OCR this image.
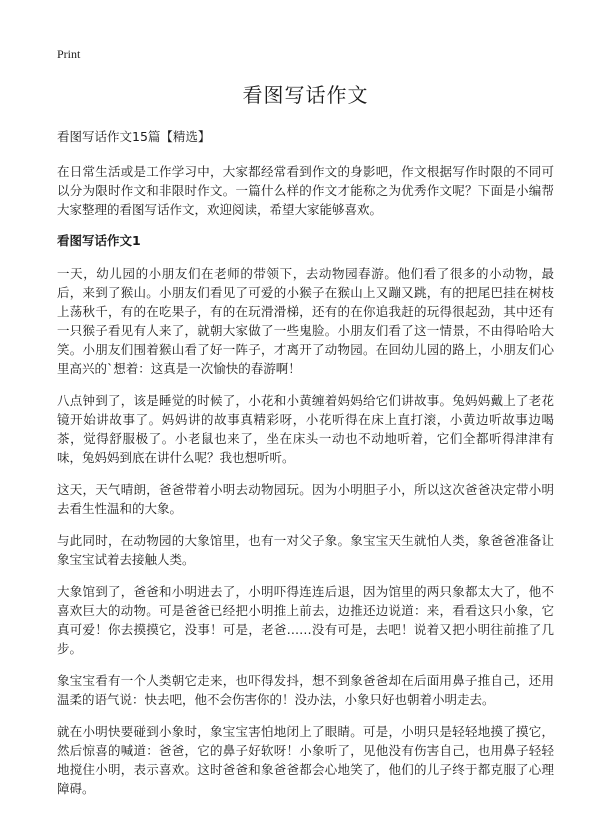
Print
看图写话作文
看图写话作文15篇【精选】

在日常生活或是工作学习中，大家都经常看到作文的身影吧，作文根据写作时限的不同可以分为限时作文和非限时作文。一篇什么样的作文才能称之为优秀作文呢？下面是小编帮大家整理的看图写话作文，欢迎阅读，希望大家能够喜欢。

看图写话作文1

一天，幼儿园的小朋友们在老师的带领下，去动物园春游。他们看了很多的小动物，最后，来到了猴山。小朋友们看见了可爱的小猴子在猴山上又蹦又跳，有的把尾巴挂在树枝上荡秋千，有的在吃果子，有的在玩滑滑梯，还有的在你追我赶的玩得很起劲，其中还有一只猴子看见有人来了，就朝大家做了一些鬼脸。小朋友们看了这一情景，不由得哈哈大笑。小朋友们围着猴山看了好一阵子，才离开了动物园。在回幼儿园的路上，小朋友们心里高兴的`想着：这真是一次愉快的春游啊！

八点钟到了，该是睡觉的时候了，小花和小黄缠着妈妈给它们讲故事。兔妈妈戴上了老花镜开始讲故事了。妈妈讲的故事真精彩呀，小花听得在床上直打滚，小黄边听故事边喝茶，觉得舒服极了。小老鼠也来了，坐在床头一动也不动地听着，它们全都听得津津有味，兔妈妈到底在讲什么呢？我也想听听。

这天，天气晴朗，爸爸带着小明去动物园玩。因为小明胆子小，所以这次爸爸决定带小明去看生性温和的大象。

与此同时，在动物园的大象馆里，也有一对父子象。象宝宝天生就怕人类，象爸爸准备让象宝宝试着去接触人类。

大象馆到了，爸爸和小明进去了，小明吓得连连后退，因为馆里的两只象都太大了，他不喜欢巨大的动物。可是爸爸已经把小明推上前去，边推还边说道：来，看看这只小象，它真可爱！你去摸摸它，没事！可是，老爸……没有可是，去吧！说着又把小明往前推了几步。

象宝宝看有一个人类朝它走来，也吓得发抖，想不到象爸爸却在后面用鼻子推自己，还用温柔的语气说：快去吧，他不会伤害你的！没办法，小象只好也朝着小明走去。

就在小明快要碰到小象时，象宝宝害怕地闭上了眼睛。可是，小明只是轻轻地摸了摸它，然后惊喜的喊道：爸爸，它的鼻子好软呀！小象听了，见他没有伤害自己，也用鼻子轻轻地搅住小明，表示喜欢。这时爸爸和象爸爸都会心地笑了，他们的儿子终于都克服了心理障碍。
